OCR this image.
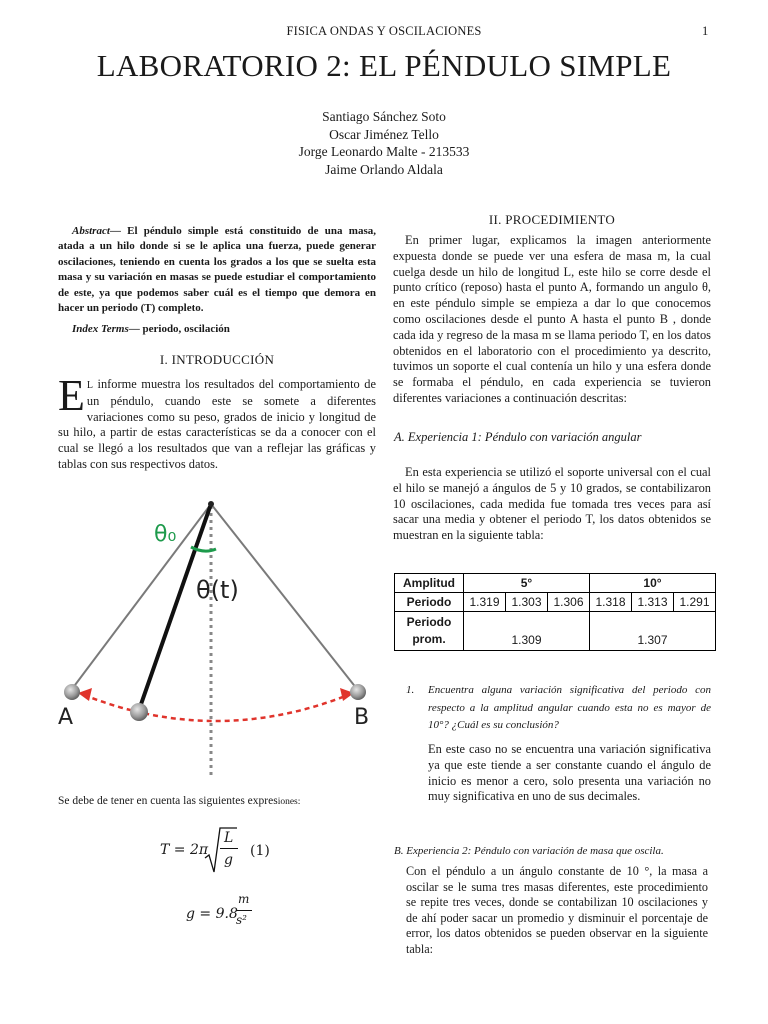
FISICA ONDAS Y OSCILACIONES	1
LABORATORIO 2: EL PÉNDULO SIMPLE
Santiago Sánchez Soto
Oscar Jiménez Tello
Jorge Leonardo Malte - 213533
Jaime Orlando Aldala
Abstract— El péndulo simple está constituido de una masa, atada a un hilo donde si se le aplica una fuerza, puede generar oscilaciones, teniendo en cuenta los grados a los que se suelta esta masa y su variación en masas se puede estudiar el comportamiento de este, ya que podemos saber cuál es el tiempo que demora en hacer un periodo (T) completo.
Index Terms— periodo, oscilación
I. INTRODUCCIÓN
E L informe muestra los resultados del comportamiento de un péndulo, cuando este se somete a diferentes variaciones como su peso, grados de inicio y longitud de su hilo, a partir de estas características se da a conocer con el cual se llegó a los resultados que van a reflejar las gráficas y tablas con sus respectivos datos.
θ₀
θ(t)
A	B
Se debe de tener en cuenta las siguientes expresiones:
T = 2π
L
g
(1)
g = 9.8
m
s²
II. PROCEDIMIENTO
En primer lugar, explicamos la imagen anteriormente expuesta donde se puede ver una esfera de masa m, la cual cuelga desde un hilo de longitud L, este hilo se corre desde el punto crítico (reposo) hasta el punto A, formando un angulo θ, en este péndulo simple se empieza a dar lo que conocemos como oscilaciones desde el punto A hasta el punto B , donde cada ida y regreso de la masa m se llama periodo T, en los datos obtenidos en el laboratorio con el procedimiento ya descrito, tuvimos un soporte el cual contenía un hilo y una esfera donde se formaba el péndulo, en cada experiencia se tuvieron diferentes variaciones a continuación descritas:
A. Experiencia 1: Péndulo con variación angular
En esta experiencia se utilizó el soporte universal con el cual el hilo se manejó a ángulos de 5 y 10 grados, se contabilizaron 10 oscilaciones, cada medida fue tomada tres veces para así sacar una media y obtener el periodo T, los datos obtenidos se muestran en la siguiente tabla:
Amplitud	5°			10°		
Periodo	1.319	1.303	1.306	1.318	1.313	1.291

Periodo
prom.	1.309			1.307		
1. Encuentra alguna variación significativa del periodo con respecto a la amplitud angular cuando esta no es mayor de 10°? ¿Cuál es su conclusión?
En este caso no se encuentra una variación significativa ya que este tiende a ser constante cuando el ángulo de inicio es menor a cero, solo presenta una variación no muy significativa en uno de sus decimales.
B. Experiencia 2: Péndulo con variación de masa que oscila.
Con el péndulo a un ángulo constante de 10 °, la masa a oscilar se le suma tres masas diferentes, este procedimiento se repite tres veces, donde se contabilizan 10 oscilaciones y de ahí poder sacar un promedio y disminuir el porcentaje de error, los datos obtenidos se pueden observar en la siguiente tabla:
